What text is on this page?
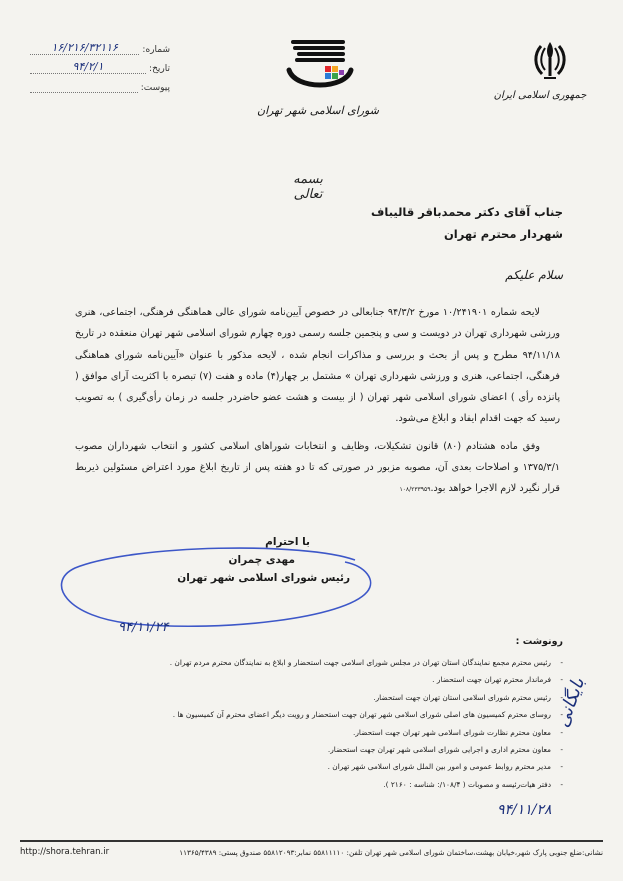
شماره:
۱۶/۲۱۶/۳۲۱۱۶
تاریخ:
۹۴/۲/۱
پیوست:
شورای اسلامی شهر تهران
جمهوری اسلامی ایران
بسمه تعالی
جناب آقای دکتر محمدباقر قالیباف
شهردار محترم تهران
سلام علیکم

لایحه شماره ۱۰/۲۴۱۹۰۱ مورخ ۹۴/۳/۲ جنابعالی در خصوص آیین‌نامه شورای عالی هماهنگی فرهنگی، اجتماعی، هنری ورزشی شهرداری تهران در دویست و سی و پنجمین جلسه رسمی دوره چهارم شورای اسلامی شهر تهران منعقده در تاریخ ۹۴/۱۱/۱۸ مطرح و پس از بحث و بررسی و مذاکرات انجام شده ، لایحه مذکور با عنوان «آیین‌نامه شورای هماهنگی فرهنگی، اجتماعی، هنری و ورزشی شهرداری تهران » مشتمل بر چهار(۴) ماده و هفت (۷) تبصره با اکثریت آرای موافق ( پانزده رأی ) اعضای شورای اسلامی شهر تهران ( از بیست و هشت عضو حاضردر جلسه در زمان رأی‌گیری ) به تصویب رسید که جهت اقدام ایفاد و ابلاغ می‌شود.

وفق ماده هشتادم (۸۰) قانون تشکیلات، وظایف و انتخابات شوراهای اسلامی کشور و انتخاب شهرداران مصوب ۱۳۷۵/۳/۱ و اصلاحات بعدی آن، مصوبه مزبور در صورتی که تا دو هفته پس از تاریخ ابلاغ مورد اعتراض مسئولین ذیربط قرار نگیرد لازم الاجرا خواهد بود.۱۰۸/۲۳۳۹۵۹

با احترام
مهدی چمران
رئیس شورای اسلامی شهر تهران
۹۴/۱۱/۲۴
رونوشت :
- رئیس محترم مجمع نمایندگان استان تهران در مجلس شورای اسلامی جهت استحضار و ابلاغ به نمایندگان محترم مردم تهران .
- فرماندار محترم تهران جهت استحضار .
- رئیس محترم شورای اسلامی استان تهران جهت استحضار.
- روسای محترم کمیسیون های اصلی شورای اسلامی شهر تهران جهت استحضار و رویت دیگر اعضای محترم آن کمیسیون ها .
- معاون محترم نظارت شورای اسلامی شهر تهران جهت استحضار.
- معاون محترم اداری و اجرایی شورای اسلامی شهر تهران جهت استحضار.
- مدیر محترم روابط عمومی و امور بین الملل شورای اسلامی شهر تهران .
- دفتر هیات‌رئیسه و مصوبات ( ۱۰۸/۴/: شناسه : ۲۱۶۰ ).
بایگانی
۹۴/۱۱/۲۸
http://shora.tehran.ir	نشانی:ضلع جنوبی پارک شهر،خیابان بهشت،ساختمان شورای اسلامی شهر تهران تلفن: ۵۵۸۱۱۱۱۰ نمابر:۵۵۸۱۲۰۹۳ صندوق پستی: ۱۱۳۶۵/۴۳۸۹
